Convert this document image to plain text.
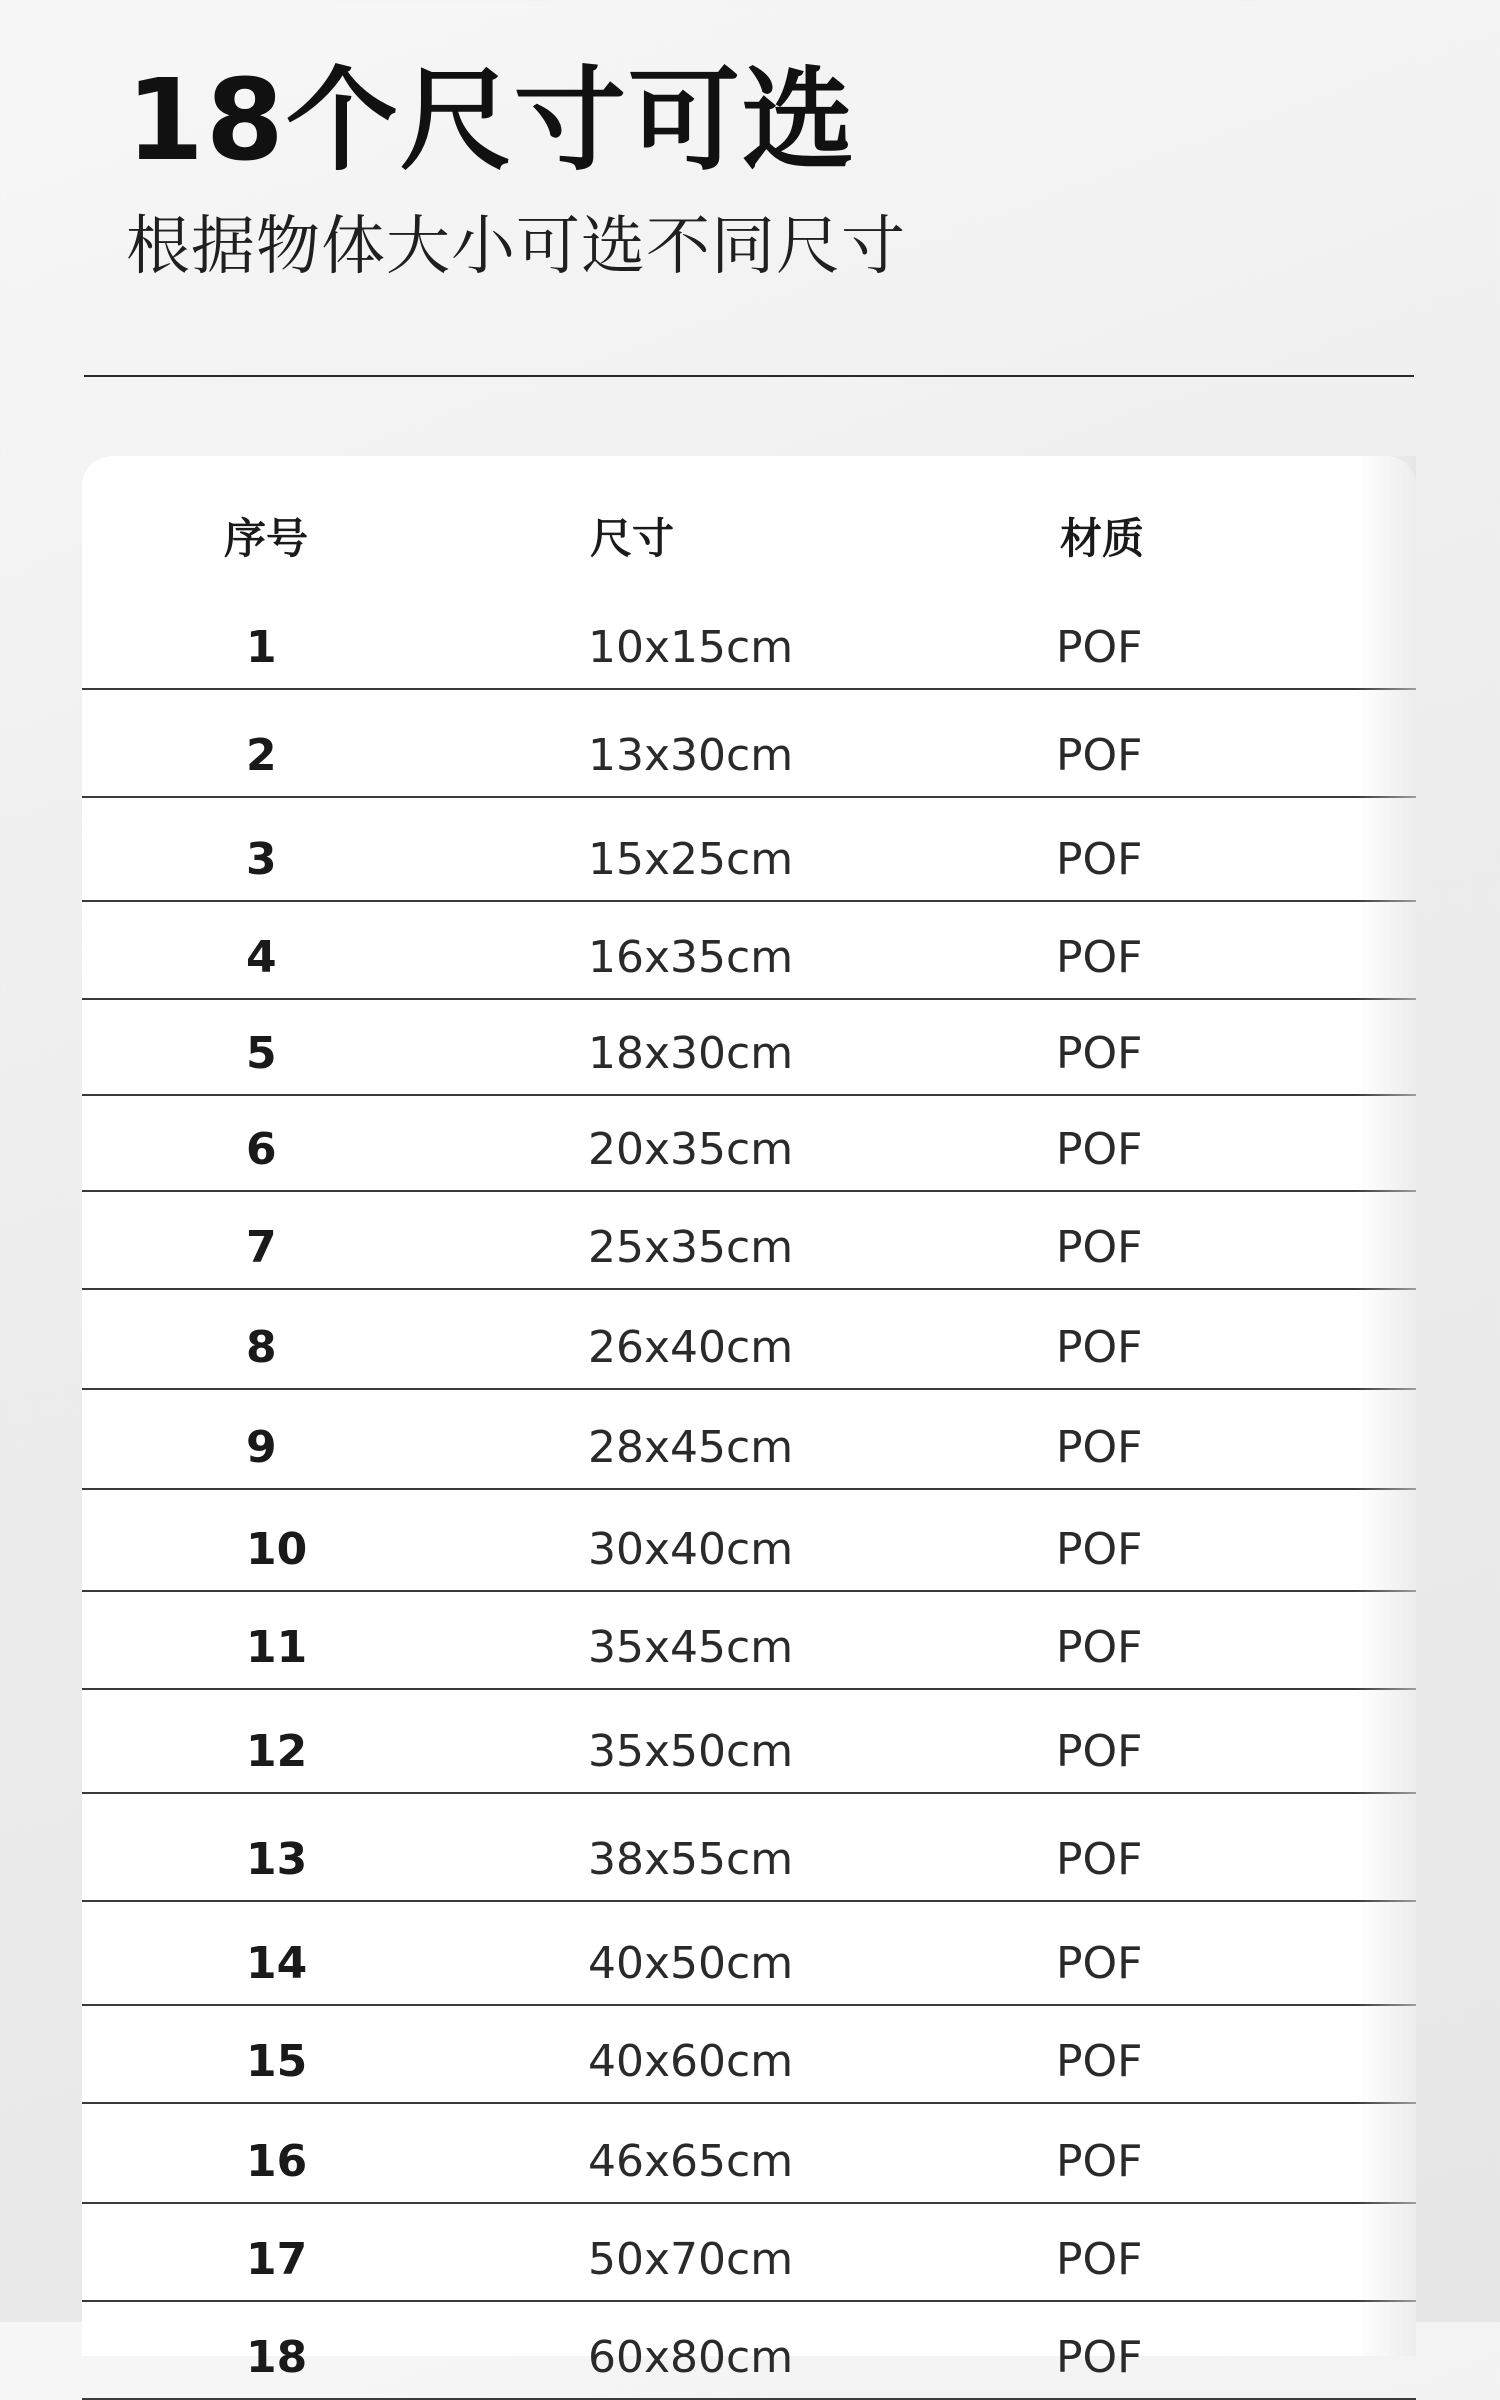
18个尺寸可选
根据物体大小可选不同尺寸
序号	尺寸	材质
1	10x15cm	POF
2	13x30cm	POF
3	15x25cm	POF
4	16x35cm	POF
5	18x30cm	POF
6	20x35cm	POF
7	25x35cm	POF
8	26x40cm	POF
9	28x45cm	POF
10	30x40cm	POF
11	35x45cm	POF
12	35x50cm	POF
13	38x55cm	POF
14	40x50cm	POF
15	40x60cm	POF
16	46x65cm	POF
17	50x70cm	POF
18	60x80cm	POF
